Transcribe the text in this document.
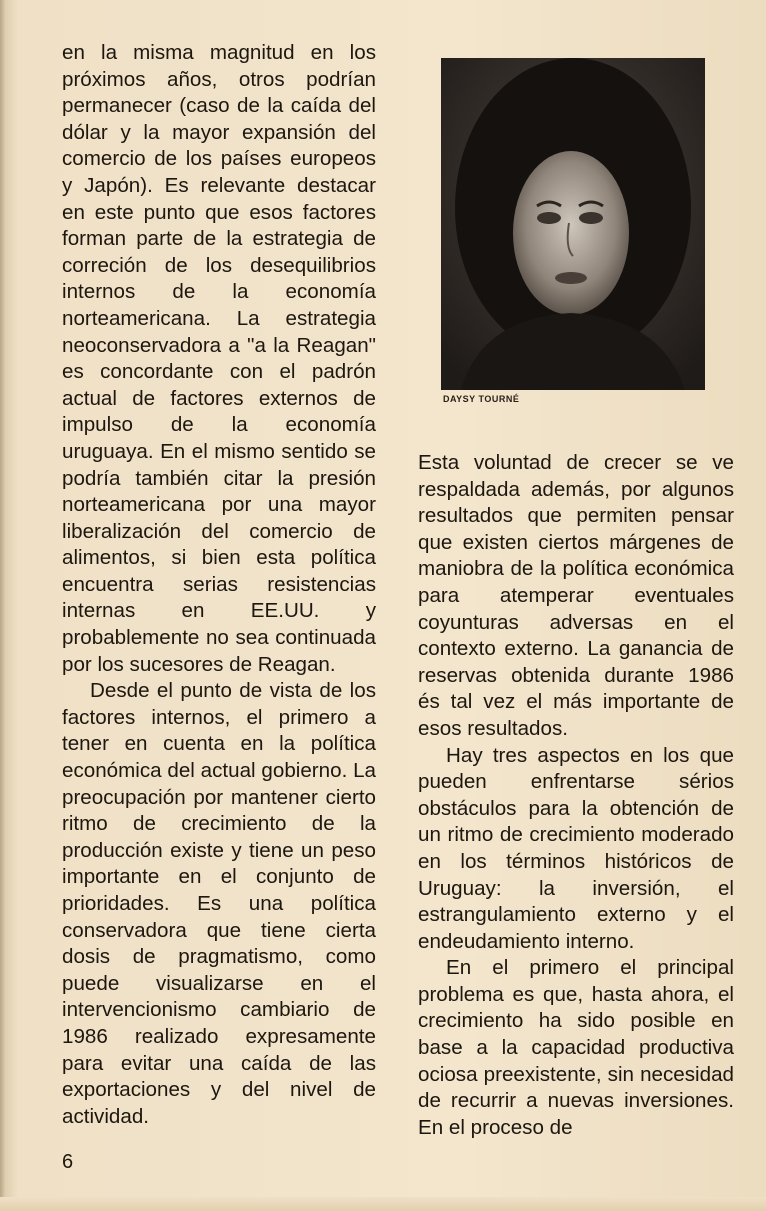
en la misma magnitud en los próximos años, otros podrían permanecer (caso de la caída del dólar y la mayor expansión del comercio de los países europeos y Japón). Es relevante destacar en este punto que esos factores forman parte de la estrategia de correción de los desequilibrios internos de la economía norteamericana. La estrategia neoconservadora a "a la Reagan" es concordante con el padrón actual de factores externos de impulso de la economía uruguaya. En el mismo sentido se podría también citar la presión norteamericana por una mayor liberalización del comercio de alimentos, si bien esta política encuentra serias resistencias internas en EE.UU. y probablemente no sea continuada por los sucesores de Reagan.

Desde el punto de vista de los factores internos, el primero a tener en cuenta en la política económica del actual gobierno. La preocupación por mantener cierto ritmo de crecimiento de la producción existe y tiene un peso importante en el conjunto de prioridades. Es una política conservadora que tiene cierta dosis de pragmatismo, como puede visualizarse en el intervencionismo cambiario de 1986 realizado expresamente para evitar una caída de las exportaciones y del nivel de actividad.

DAYSY TOURNÉ

Esta voluntad de crecer se ve respaldada además, por algunos resultados que permiten pensar que existen ciertos márgenes de maniobra de la política económica para atemperar eventuales coyunturas adversas en el contexto externo. La ganancia de reservas obtenida durante 1986 és tal vez el más importante de esos resultados.

Hay tres aspectos en los que pueden enfrentarse sérios obstáculos para la obtención de un ritmo de crecimiento moderado en los términos históricos de Uruguay: la inversión, el estrangulamiento externo y el endeudamiento interno.

En el primero el principal problema es que, hasta ahora, el crecimiento ha sido posible en base a la capacidad productiva ociosa preexistente, sin necesidad de recurrir a nuevas inversiones. En el proceso de

6
